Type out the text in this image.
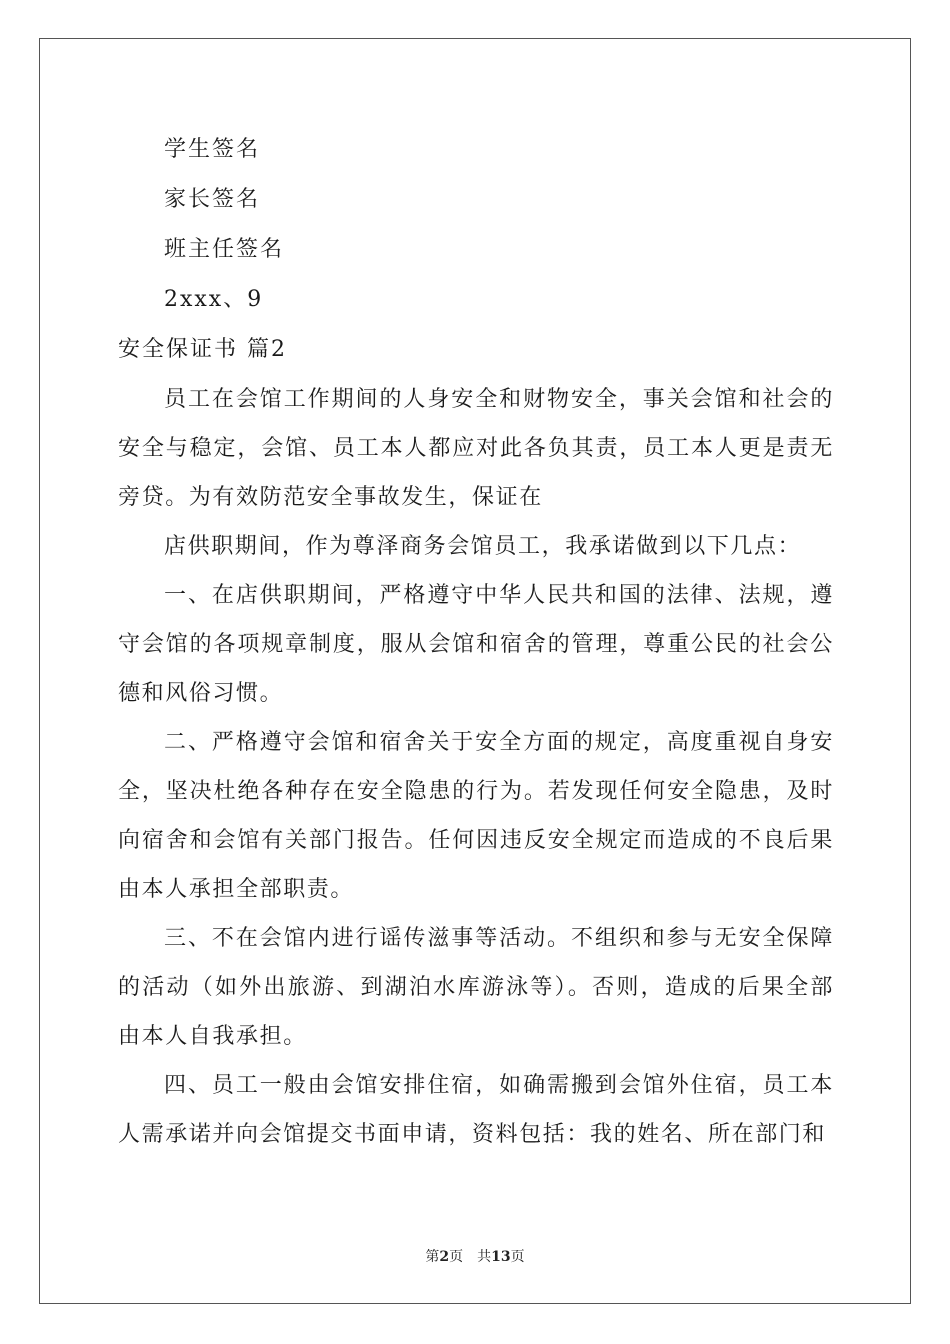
学生签名
家长签名
班主任签名
2xxx、9
安全保证书 篇2

员工在会馆工作期间的人身安全和财物安全，事关会馆和社会的安全与稳定，会馆、员工本人都应对此各负其责，员工本人更是责无旁贷。为有效防范安全事故发生，保证在

店供职期间，作为尊泽商务会馆员工，我承诺做到以下几点：

一、在店供职期间，严格遵守中华人民共和国的法律、法规，遵守会馆的各项规章制度，服从会馆和宿舍的管理，尊重公民的社会公德和风俗习惯。

二、严格遵守会馆和宿舍关于安全方面的规定，高度重视自身安全，坚决杜绝各种存在安全隐患的行为。若发现任何安全隐患，及时向宿舍和会馆有关部门报告。任何因违反安全规定而造成的不良后果由本人承担全部职责。

三、不在会馆内进行谣传滋事等活动。不组织和参与无安全保障的活动（如外出旅游、到湖泊水库游泳等）。否则，造成的后果全部由本人自我承担。

四、员工一般由会馆安排住宿，如确需搬到会馆外住宿，员工本人需承诺并向会馆提交书面申请，资料包括：我的姓名、所在部门和

第2页　共13页
